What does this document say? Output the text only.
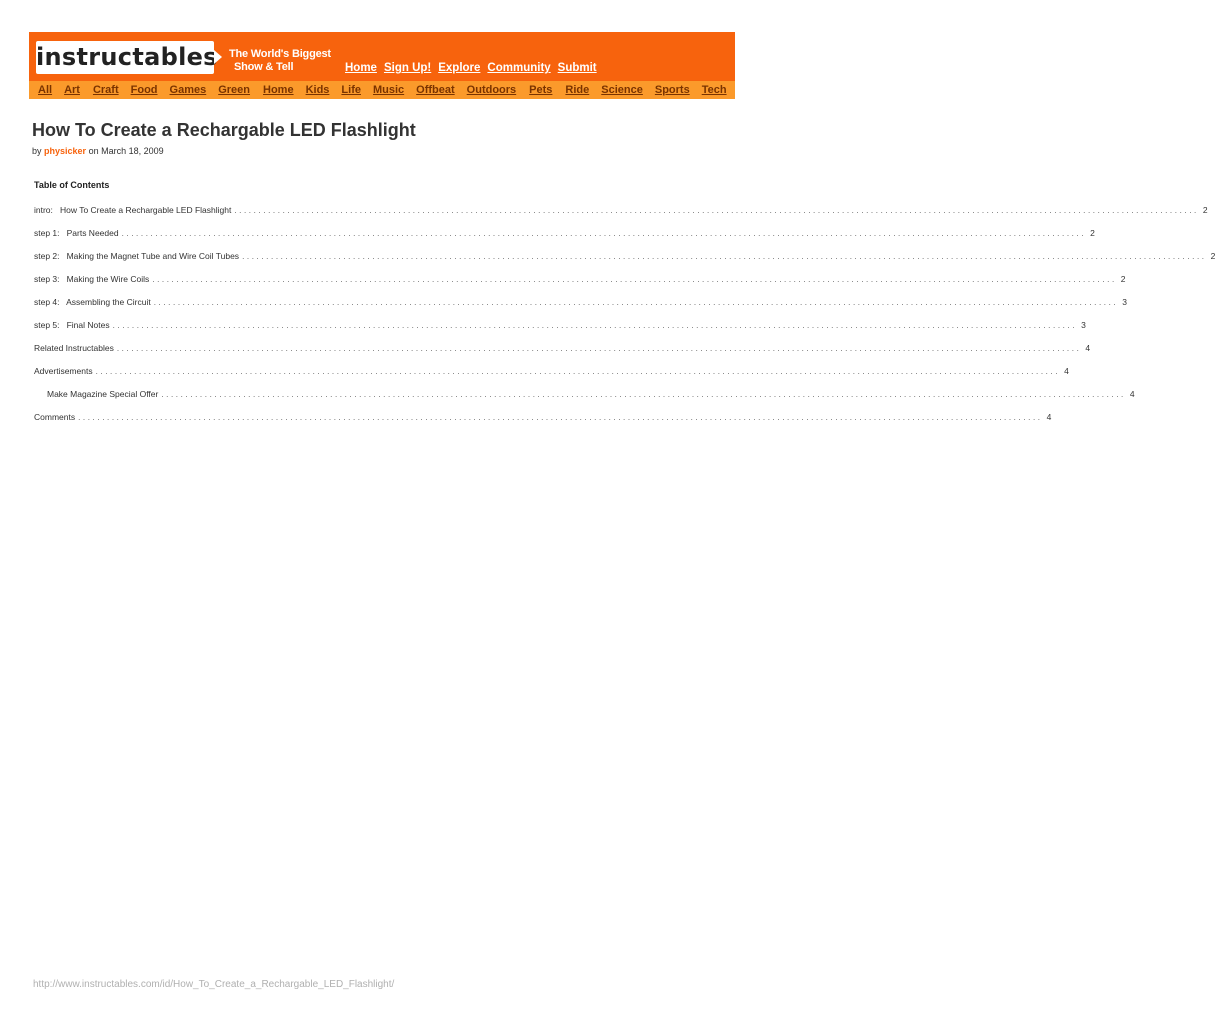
instructables The World's Biggest
Show & Tell	Home Sign Up! Explore Community Submit
All Art Craft Food Games Green Home Kids Life Music Offbeat Outdoors Pets Ride Science Sports Tech
How To Create a Rechargable LED Flashlight
by physicker on March 18, 2009
Table of Contents
intro:   How To Create a Rechargable LED Flashlight ........................................................................................................................................................................................................ 2
step 1:   Parts Needed ........................................................................................................................................................................................................ 2
step 2:   Making the Magnet Tube and Wire Coil Tubes ........................................................................................................................................................................................................ 2
step 3:   Making the Wire Coils ........................................................................................................................................................................................................ 2
step 4:   Assembling the Circuit ........................................................................................................................................................................................................ 3
step 5:   Final Notes ........................................................................................................................................................................................................ 3
Related Instructables ........................................................................................................................................................................................................ 4
Advertisements ........................................................................................................................................................................................................ 4
Make Magazine Special Offer ........................................................................................................................................................................................................ 4
Comments ........................................................................................................................................................................................................ 4
http://www.instructables.com/id/How_To_Create_a_Rechargable_LED_Flashlight/
